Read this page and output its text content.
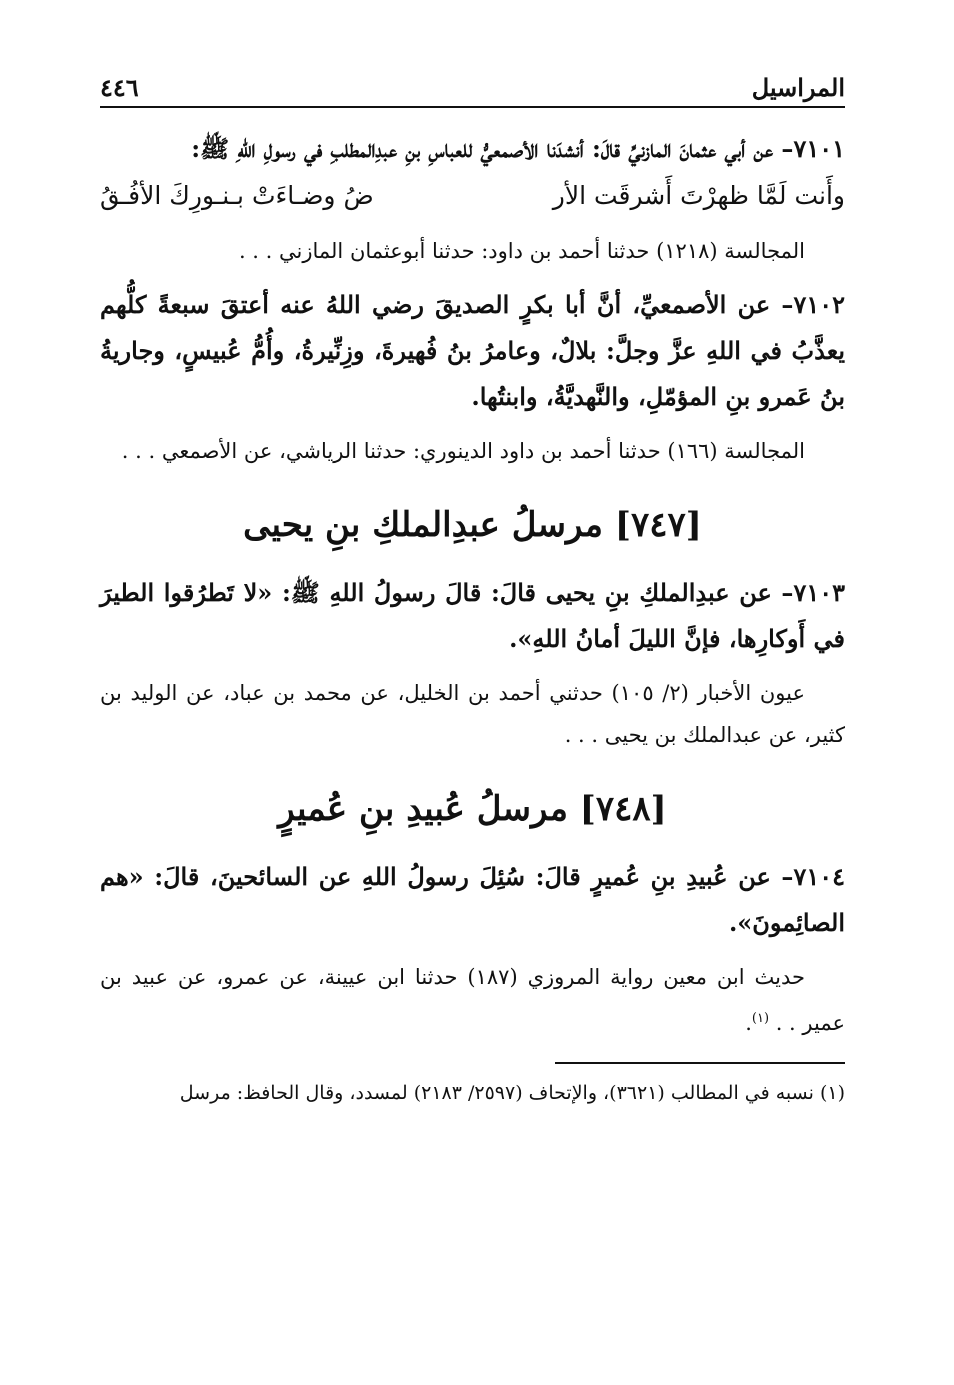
المراسيل
٤٤٦

٧١٠١– عن أبي عثمانَ المازنيِّ قالَ: أنشدَنا الأصمعيُّ للعباسِ بنِ عبدِالمطلبِ في رسولِ اللهِ ﷺ:

وأَنت لَمَّا ظهرْتَ أَشرقَت الأر
ضُ وضـاءَتْ بـنـورِكَ الأفُـقُ

المجالسة (١٢١٨) حدثنا أحمد بن داود: حدثنا أبوعثمان المازني . . .

٧١٠٢– عن الأصمعيِّ، أنَّ أبا بكرٍ الصديقَ رضي اللهُ عنه أعتقَ سبعةً كلُّهم يعذَّبُ في اللهِ عزَّ وجلَّ: بلالٌ، وعامرُ بنُ فُهيرةَ، وزِنِّيرةُ، وأُمُّ عُبيسٍ، وجاريةُ بنُ عَمرو بنِ المؤمّلِ، والنَّهديَّةُ، وابنتُها.

المجالسة (١٦٦) حدثنا أحمد بن داود الدينوري: حدثنا الرياشي، عن الأصمعي . . .

[٧٤٧] مرسلُ عبدِالملكِ بنِ يحيى

٧١٠٣– عن عبدِالملكِ بنِ يحيى قالَ: قالَ رسولُ اللهِ ﷺ: «لا تَطرُقوا الطيرَ في أَوكارِها، فإنَّ الليلَ أمانُ اللهِ».

عيون الأخبار (٢/ ١٠٥) حدثني أحمد بن الخليل، عن محمد بن عباد، عن الوليد بن كثير، عن عبدالملك بن يحيى . . .

[٧٤٨] مرسلُ عُبيدِ بنِ عُميرٍ

٧١٠٤– عن عُبيدِ بنِ عُميرٍ قالَ: سُئِلَ رسولُ اللهِ عن السائحينَ، قالَ: «هم الصائِمونَ».

حديث ابن معين رواية المروزي (١٨٧) حدثنا ابن عيينة، عن عمرو، عن عبيد بن عمير . . $^{(١)}$.

(١) نسبه في المطالب (٣٦٢١)، والإتحاف (٢٥٩٧/ ٢١٨٣) لمسدد، وقال الحافظ: مرسل
